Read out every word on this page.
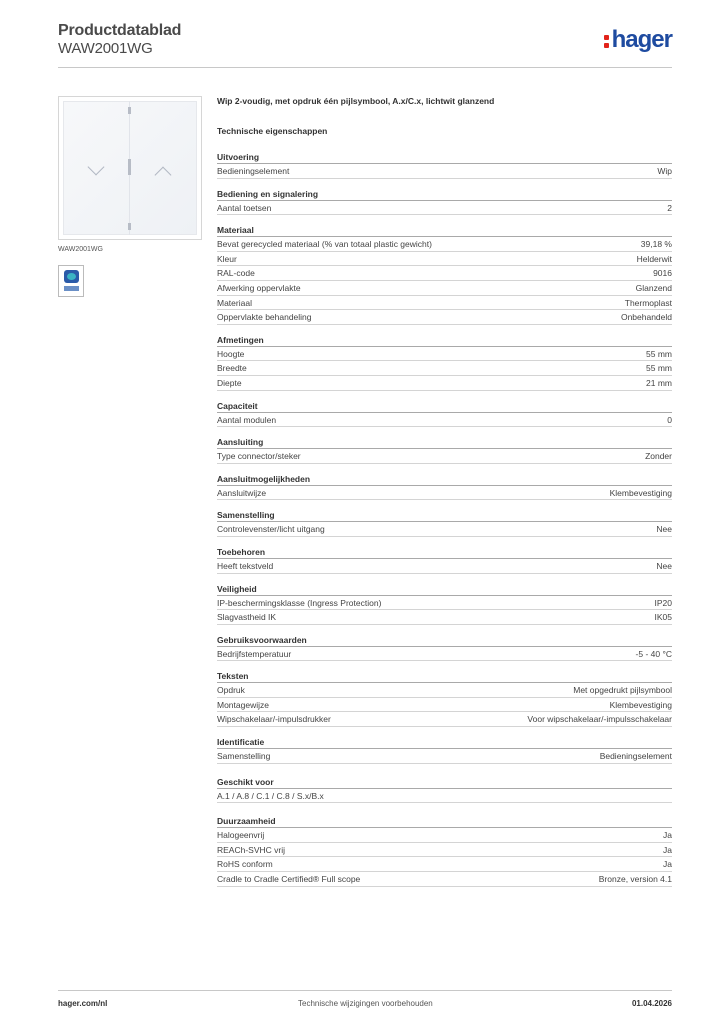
Productdatablad
WAW2001WG	hager
WAW2001WG
Wip 2-voudig, met opdruk één pijlsymbool, A.x/C.x, lichtwit glanzend
Technische eigenschappen
Uitvoering
Bedieningselement	Wip
Bediening en signalering
Aantal toetsen	2
Materiaal
Bevat gerecycled materiaal (% van totaal plastic gewicht)	39,18 %
Kleur	Helderwit
RAL-code	9016
Afwerking oppervlakte	Glanzend
Materiaal	Thermoplast
Oppervlakte behandeling	Onbehandeld
Afmetingen
Hoogte	55 mm
Breedte	55 mm
Diepte	21 mm
Capaciteit
Aantal modulen	0
Aansluiting
Type connector/steker	Zonder
Aansluitmogelijkheden
Aansluitwijze	Klembevestiging
Samenstelling
Controlevenster/licht uitgang	Nee
Toebehoren
Heeft tekstveld	Nee
Veiligheid
IP-beschermingsklasse (Ingress Protection)	IP20
Slagvastheid IK	IK05
Gebruiksvoorwaarden
Bedrijfstemperatuur	-5 - 40 °C
Teksten
Opdruk	Met opgedrukt pijlsymbool
Montagewijze	Klembevestiging
Wipschakelaar/-impulsdrukker	Voor wipschakelaar/-impulsschakelaar
Identificatie
Samenstelling	Bedieningselement
Geschikt voor
A.1 / A.8 / C.1 / C.8 / S.x/B.x
Duurzaamheid
Halogeenvrij	Ja
REACh-SVHC vrij	Ja
RoHS conform	Ja
Cradle to Cradle Certified® Full scope	Bronze, version 4.1
hager.com/nl	Technische wijzigingen voorbehouden	01.04.2026
